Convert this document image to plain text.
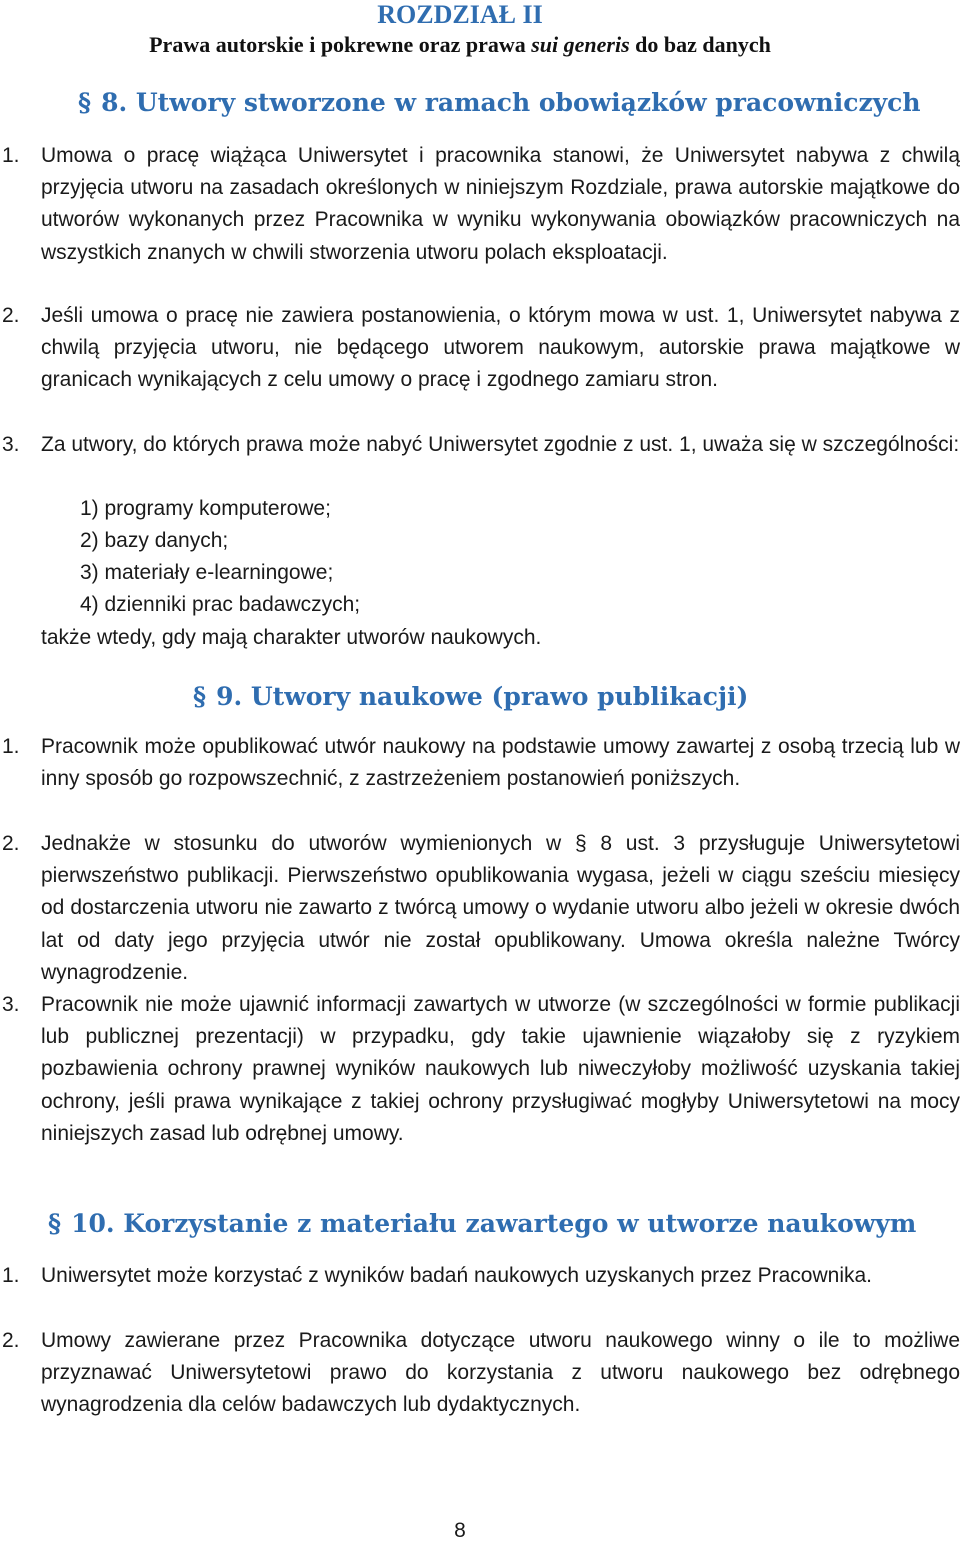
ROZDZIAŁ II
Prawa autorskie i pokrewne oraz prawa sui generis do baz danych
§ 8. Utwory stworzone w ramach obowiązków pracowniczych
1. Umowa o pracę wiążąca Uniwersytet i pracownika stanowi, że Uniwersytet nabywa z chwilą przyjęcia utworu na zasadach określonych w niniejszym Rozdziale, prawa autorskie majątkowe do utworów wykonanych przez Pracownika w wyniku wykonywania obowiązków pracowniczych na wszystkich znanych w chwili stworzenia utworu polach eksploatacji.
2. Jeśli umowa o pracę nie zawiera postanowienia, o którym mowa w ust. 1, Uniwersytet nabywa z chwilą przyjęcia utworu, nie będącego utworem naukowym, autorskie prawa majątkowe w granicach wynikających z celu umowy o pracę i zgodnego zamiaru stron.
3. Za utwory, do których prawa może nabyć Uniwersytet zgodnie z ust. 1, uważa się w szczególności:
1) programy komputerowe;
2) bazy danych;
3) materiały e-learningowe;
4) dzienniki prac badawczych;
także wtedy, gdy mają charakter utworów naukowych.
§ 9. Utwory naukowe (prawo publikacji)
1. Pracownik może opublikować utwór naukowy na podstawie umowy zawartej z osobą trzecią lub w inny sposób go rozpowszechnić, z zastrzeżeniem postanowień poniższych.
2. Jednakże w stosunku do utworów wymienionych w § 8 ust. 3 przysługuje Uniwersytetowi pierwszeństwo publikacji. Pierwszeństwo opublikowania wygasa, jeżeli w ciągu sześciu miesięcy od dostarczenia utworu nie zawarto z twórcą umowy o wydanie utworu albo jeżeli w okresie dwóch lat od daty jego przyjęcia utwór nie został opublikowany. Umowa określa należne Twórcy wynagrodzenie.
3. Pracownik nie może ujawnić informacji zawartych w utworze (w szczególności w formie publikacji lub publicznej prezentacji) w przypadku, gdy takie ujawnienie wiązałoby się z ryzykiem pozbawienia ochrony prawnej wyników naukowych lub niweczyłoby możliwość uzyskania takiej ochrony, jeśli prawa wynikające z takiej ochrony przysługiwać mogłyby Uniwersytetowi na mocy niniejszych zasad lub odrębnej umowy.
§ 10. Korzystanie z materiału zawartego w utworze naukowym
1. Uniwersytet może korzystać z wyników badań naukowych uzyskanych przez Pracownika.
2. Umowy zawierane przez Pracownika dotyczące utworu naukowego winny o ile to możliwe przyznawać Uniwersytetowi prawo do korzystania z utworu naukowego bez odrębnego wynagrodzenia dla celów badawczych lub dydaktycznych.
8
